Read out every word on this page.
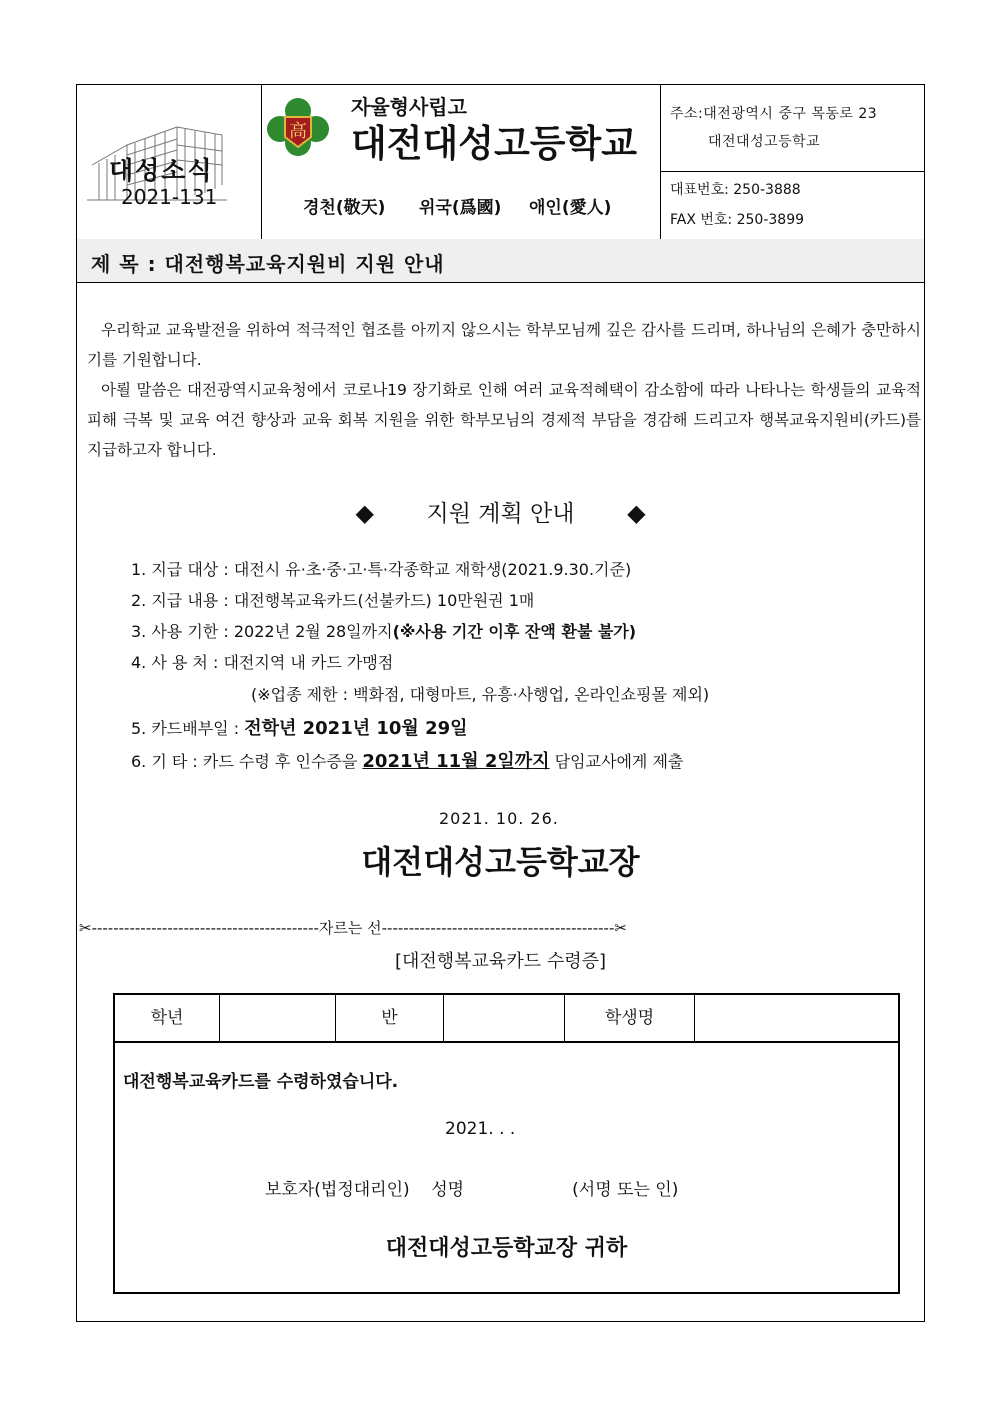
대성소식
2021-131
高
자율형사립고
대전대성고등학교
경천(敬天) 위국(爲國) 애인(愛人)
주소:대전광역시 중구 목동로 23
대전대성고등학교
대표번호: 250-3888
FAX 번호: 250-3899
제 목 : 대전행복교육지원비 지원 안내
우리학교 교육발전을 위하여 적극적인 협조를 아끼지 않으시는 학부모님께 깊은 감사를 드리며, 하나님의 은혜가 충만하시기를 기원합니다.
아뢸 말씀은 대전광역시교육청에서 코로나19 장기화로 인해 여러 교육적혜택이 감소함에 따라 나타나는 학생들의 교육적 피해 극복 및 교육 여건 향상과 교육 회복 지원을 위한 학부모님의 경제적 부담을 경감해 드리고자 행복교육지원비(카드)를 지급하고자 합니다.
◆ 지원 계획 안내 ◆
1. 지급 대상 : 대전시 유·초·중·고·특·각종학교 재학생(2021.9.30.기준)
2. 지급 내용 : 대전행복교육카드(선불카드) 10만원권 1매
3. 사용 기한 : 2022년 2월 28일까지(※사용 기간 이후 잔액 환불 불가)
4. 사 용 처 : 대전지역 내 카드 가맹점
(※업종 제한 : 백화점, 대형마트, 유흥·사행업, 온라인쇼핑몰 제외)
5. 카드배부일 : 전학년 2021년 10월 29일
6. 기 타 : 카드 수령 후 인수증을 2021년 11월 2일까지 담임교사에게 제출
2021. 10. 26.
대전대성고등학교장
✂------------------------------------------자르는 선-------------------------------------------✂
[대전행복교육카드 수령증]
학년	반	학생명
대전행복교육카드를 수령하였습니다.
2021. . .
보호자(법정대리인)    성명                    (서명 또는 인)
대전대성고등학교장 귀하
